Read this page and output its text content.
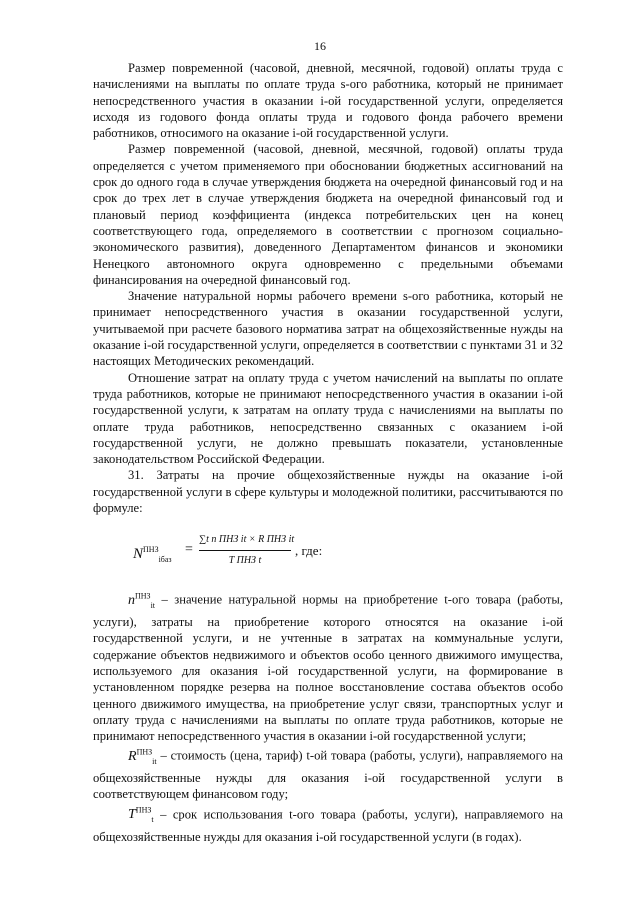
16

Размер повременной (часовой, дневной, месячной, годовой) оплаты труда с начислениями на выплаты по оплате труда s-ого работника, который не принимает непосредственного участия в оказании i-ой государственной услуги, определяется исходя из годового фонда оплаты труда и годового фонда рабочего времени работников, относимого на оказание i-ой государственной услуги.

Размер повременной (часовой, дневной, месячной, годовой) оплаты труда определяется с учетом применяемого при обосновании бюджетных ассигнований на срок до одного года в случае утверждения бюджета на очередной финансовый год и на срок до трех лет в случае утверждения бюджета на очередной финансовый год и плановый период коэффициента (индекса потребительских цен на конец соответствующего года, определяемого в соответствии с прогнозом социально-экономического развития), доведенного Департаментом финансов и экономики Ненецкого автономного округа одновременно с предельными объемами финансирования на очередной финансовый год.

Значение натуральной нормы рабочего времени s-ого работника, который не принимает непосредственного участия в оказании государственной услуги, учитываемой при расчете базового норматива затрат на общехозяйственные нужды на оказание i-ой государственной услуги, определяется в соответствии с пунктами 31 и 32 настоящих Методических рекомендаций.

Отношение затрат на оплату труда с учетом начислений на выплаты по оплате труда работников, которые не принимают непосредственного участия в оказании i-ой государственной услуги, к затратам на оплату труда с начислениями на выплаты по оплате труда работников, непосредственно связанных с оказанием i-ой государственной услуги, не должно превышать показатели, установленные законодательством Российской Федерации.

31. Затраты на прочие общехозяйственные нужды на оказание i-ой государственной услуги в сфере культуры и молодежной политики, рассчитываются по формуле:

$N^{ПНЗ}_{iбаз}$
=
∑t n ПНЗ it × R ПНЗ it
T ПНЗ t
, где:

$n^{ПНЗ}_{it}$ – значение натуральной нормы на приобретение t-ого товара (работы, услуги), затраты на приобретение которого относятся на оказание i-ой государственной услуги, и не учтенные в затратах на коммунальные услуги, содержание объектов недвижимого и объектов особо ценного движимого имущества, используемого для оказания i-ой государственной услуги, на формирование в установленном порядке резерва на полное восстановление состава объектов особо ценного движимого имущества, на приобретение услуг связи, транспортных услуг и оплату труда с начислениями на выплаты по оплате труда работников, которые не принимают непосредственного участия в оказании i-ой государственной услуги;

$R^{ПНЗ}_{it}$ – стоимость (цена, тариф) t-ой товара (работы, услуги), направляемого на общехозяйственные нужды для оказания i-ой государственной услуги в соответствующем финансовом году;

$T^{ПНЗ}_t$ – срок использования t-ого товара (работы, услуги), направляемого на общехозяйственные нужды для оказания i-ой государственной услуги (в годах).
